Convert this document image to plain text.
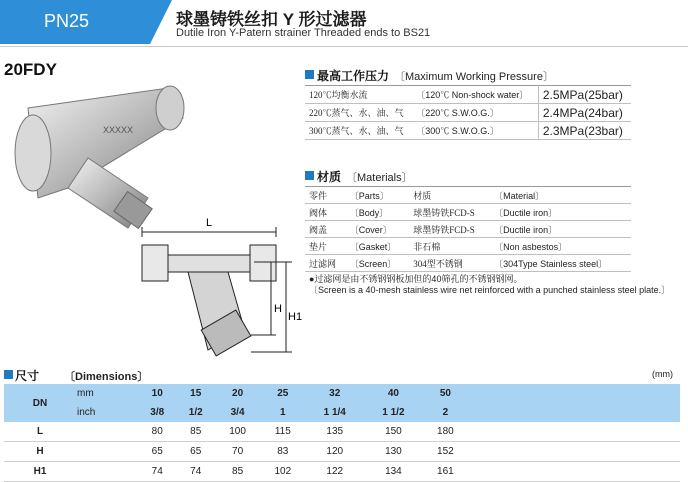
PN25	球墨铸铁丝扣 Y 形过滤器
Dutile Iron Y-Patern strainer Threaded ends to BS21
20FDY
XXXXX
L
H
H1
最高工作压力 〔Maximum Working Pressure〕
120℃均衡水流	〔120℃ Non-shock water〕	2.5MPa(25bar)
220℃蒸气、水、油、气	〔220℃ S.W.O.G.〕	2.4MPa(24bar)
300℃蒸气、水、油、气	〔300℃ S.W.O.G.〕	2.3MPa(23bar)
材质 〔Materials〕
零件	〔Parts〕	材质	〔Material〕
阀体	〔Body〕	球墨铸铁FCD-S	〔Ductile iron〕
阀盖	〔Cover〕	球墨铸铁FCD-S	〔Ductile iron〕
垫片	〔Gasket〕	非石棉	〔Non asbestos〕
过滤网	〔Screen〕	304型不锈钢	〔304Type Stainless steel〕
●过滤网是由不锈钢钢板加但的40筛孔的不锈钢钢网。
〔Screen is a 40-mesh stainless wire net reinforced with a punched stainless steel plate.〕
尺寸 〔Dimensions〕	(mm)
DN	mm	10	15	20	25	32	40	50	
	inch	3/8	1/2	3/4	1	1 1/4	1 1/2	2	
L		80	85	100	115	135	150	180	
H		65	65	70	83	120	130	152	
H1		74	74	85	102	122	134	161	
